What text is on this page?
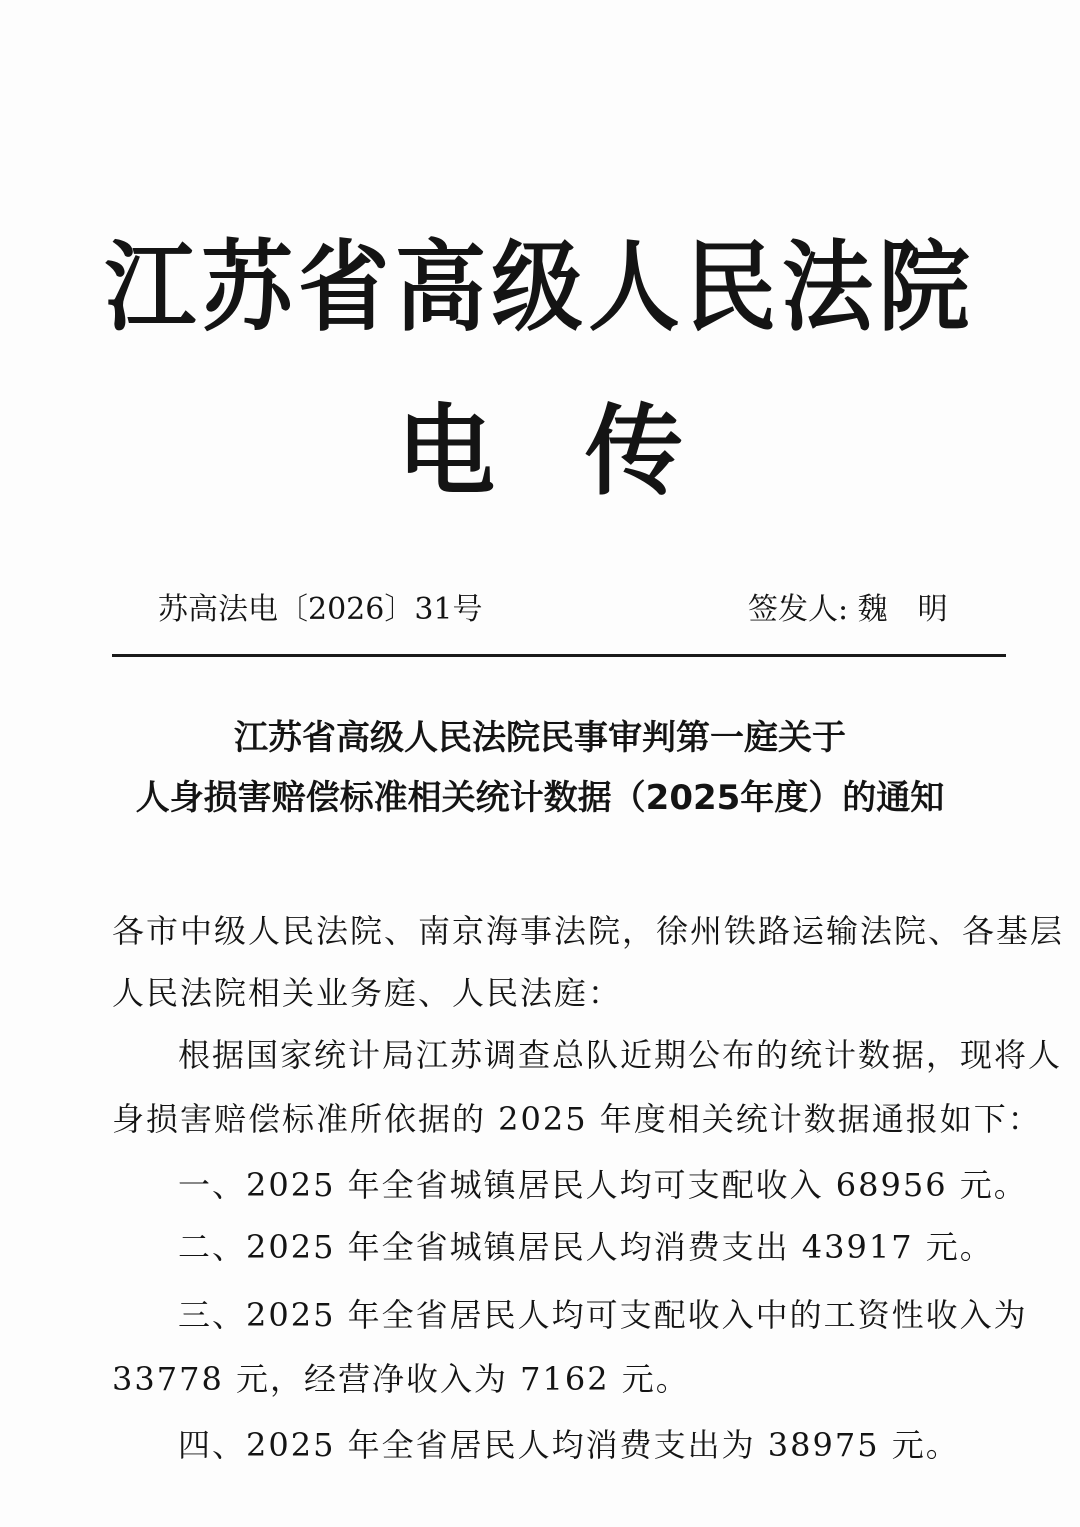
江苏省高级人民法院
电 传
苏高法电〔2026〕31号	签发人: 魏 明
江苏省高级人民法院民事审判第一庭关于
人身损害赔偿标准相关统计数据（2025年度）的通知
各市中级人民法院、南京海事法院，徐州铁路运输法院、各基层
人民法院相关业务庭、人民法庭：
根据国家统计局江苏调查总队近期公布的统计数据，现将人
身损害赔偿标准所依据的 2025 年度相关统计数据通报如下：
一、2025 年全省城镇居民人均可支配收入 68956 元。
二、2025 年全省城镇居民人均消费支出 43917 元。
三、2025 年全省居民人均可支配收入中的工资性收入为
33778 元，经营净收入为 7162 元。
四、2025 年全省居民人均消费支出为 38975 元。
